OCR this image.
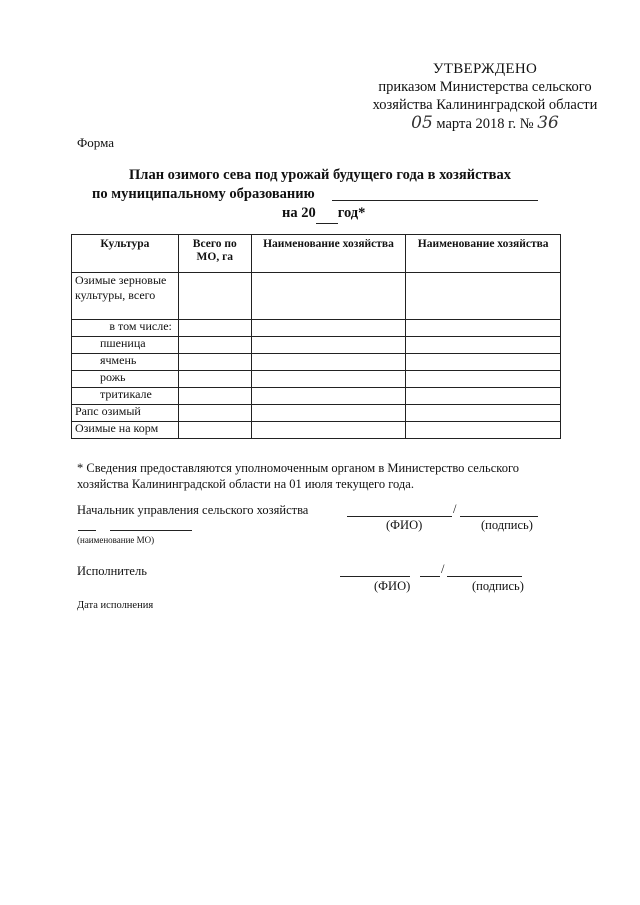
УТВЕРЖДЕНО
приказом Министерства сельского
хозяйства Калининградской области
05 марта 2018 г. № 36
Форма
План озимого сева под урожай будущего года в хозяйствах
по муниципальному образованию
на 20 год*
Культура	Всего по МО, га	Наименование хозяйства	Наименование хозяйства
Озимые зерновые культуры, всего			
в том числе:			
пшеница			
ячмень			
рожь			
тритикале			
Рапс озимый			
Озимые на корм			
* Сведения предоставляются уполномоченным органом в Министерство сельского
хозяйства Калининградской области на 01 июля текущего года.
Начальник управления сельского хозяйства	/
(ФИО)	(подпись)
(наименование МО)
Исполнитель	/
(ФИО)	(подпись)
Дата исполнения
